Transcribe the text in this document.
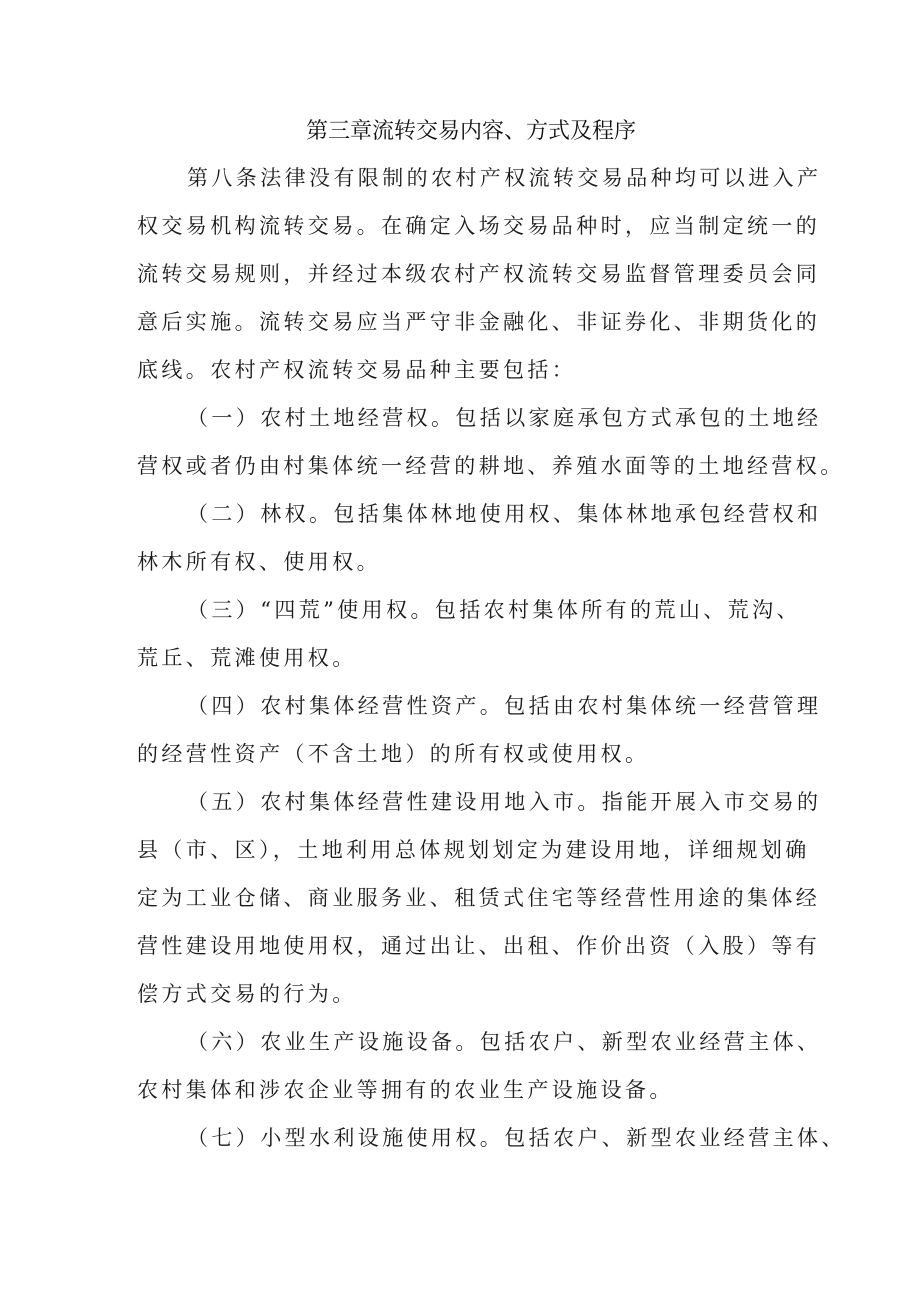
第三章流转交易内容、方式及程序
第八条法律没有限制的农村产权流转交易品种均可以进入产
权交易机构流转交易。在确定入场交易品种时，应当制定统一的
流转交易规则，并经过本级农村产权流转交易监督管理委员会同
意后实施。流转交易应当严守非金融化、非证券化、非期货化的
底线。农村产权流转交易品种主要包括：
（一）农村土地经营权。包括以家庭承包方式承包的土地经
营权或者仍由村集体统一经营的耕地、养殖水面等的土地经营权。
（二）林权。包括集体林地使用权、集体林地承包经营权和
林木所有权、使用权。
（三）“四荒”使用权。包括农村集体所有的荒山、荒沟、
荒丘、荒滩使用权。
（四）农村集体经营性资产。包括由农村集体统一经营管理
的经营性资产（不含土地）的所有权或使用权。
（五）农村集体经营性建设用地入市。指能开展入市交易的
县（市、区），土地利用总体规划划定为建设用地，详细规划确
定为工业仓储、商业服务业、租赁式住宅等经营性用途的集体经
营性建设用地使用权，通过出让、出租、作价出资（入股）等有
偿方式交易的行为。
（六）农业生产设施设备。包括农户、新型农业经营主体、
农村集体和涉农企业等拥有的农业生产设施设备。
（七）小型水利设施使用权。包括农户、新型农业经营主体、
